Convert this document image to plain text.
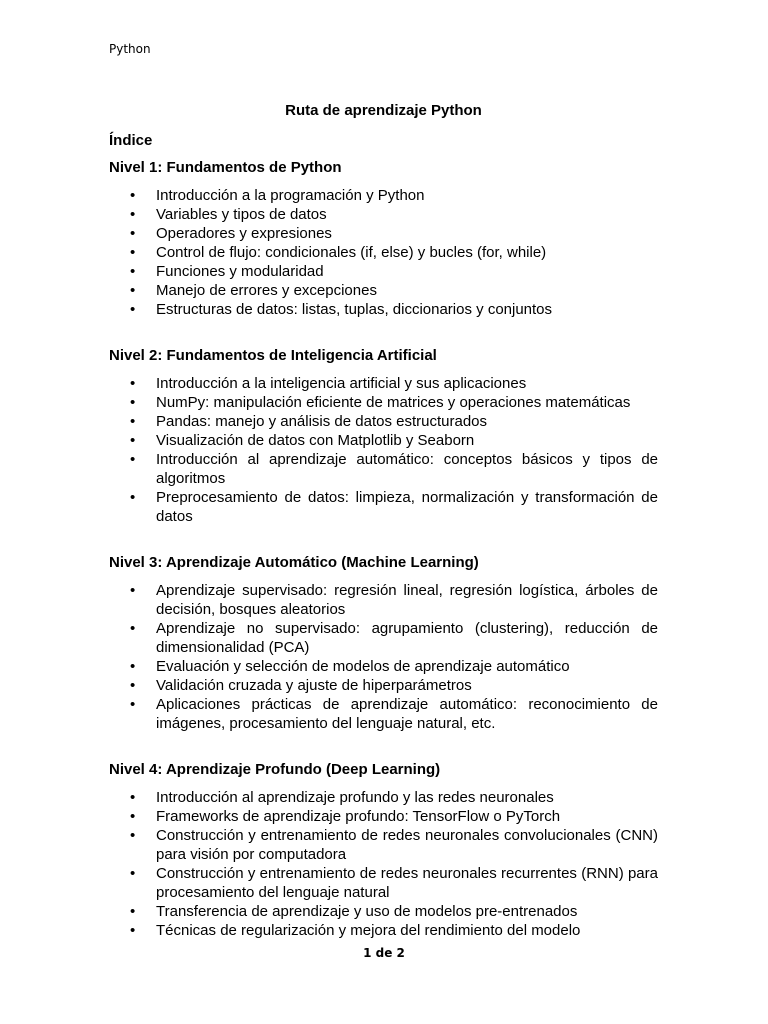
Python
Ruta de aprendizaje Python
Índice
Nivel 1: Fundamentos de Python
• Introducción a la programación y Python
• Variables y tipos de datos
• Operadores y expresiones
• Control de flujo: condicionales (if, else) y bucles (for, while)
• Funciones y modularidad
• Manejo de errores y excepciones
• Estructuras de datos: listas, tuplas, diccionarios y conjuntos
Nivel 2: Fundamentos de Inteligencia Artificial
• Introducción a la inteligencia artificial y sus aplicaciones
• NumPy: manipulación eficiente de matrices y operaciones matemáticas
• Pandas: manejo y análisis de datos estructurados
• Visualización de datos con Matplotlib y Seaborn
• Introducción al aprendizaje automático: conceptos básicos y tipos de algoritmos
• Preprocesamiento de datos: limpieza, normalización y transformación de datos
Nivel 3: Aprendizaje Automático (Machine Learning)
• Aprendizaje supervisado: regresión lineal, regresión logística, árboles de decisión, bosques aleatorios
• Aprendizaje no supervisado: agrupamiento (clustering), reducción de dimensionalidad (PCA)
• Evaluación y selección de modelos de aprendizaje automático
• Validación cruzada y ajuste de hiperparámetros
• Aplicaciones prácticas de aprendizaje automático: reconocimiento de imágenes, procesamiento del lenguaje natural, etc.
Nivel 4: Aprendizaje Profundo (Deep Learning)
• Introducción al aprendizaje profundo y las redes neuronales
• Frameworks de aprendizaje profundo: TensorFlow o PyTorch
• Construcción y entrenamiento de redes neuronales convolucionales (CNN) para visión por computadora
• Construcción y entrenamiento de redes neuronales recurrentes (RNN) para procesamiento del lenguaje natural
• Transferencia de aprendizaje y uso de modelos pre-entrenados
• Técnicas de regularización y mejora del rendimiento del modelo
1 de 2
